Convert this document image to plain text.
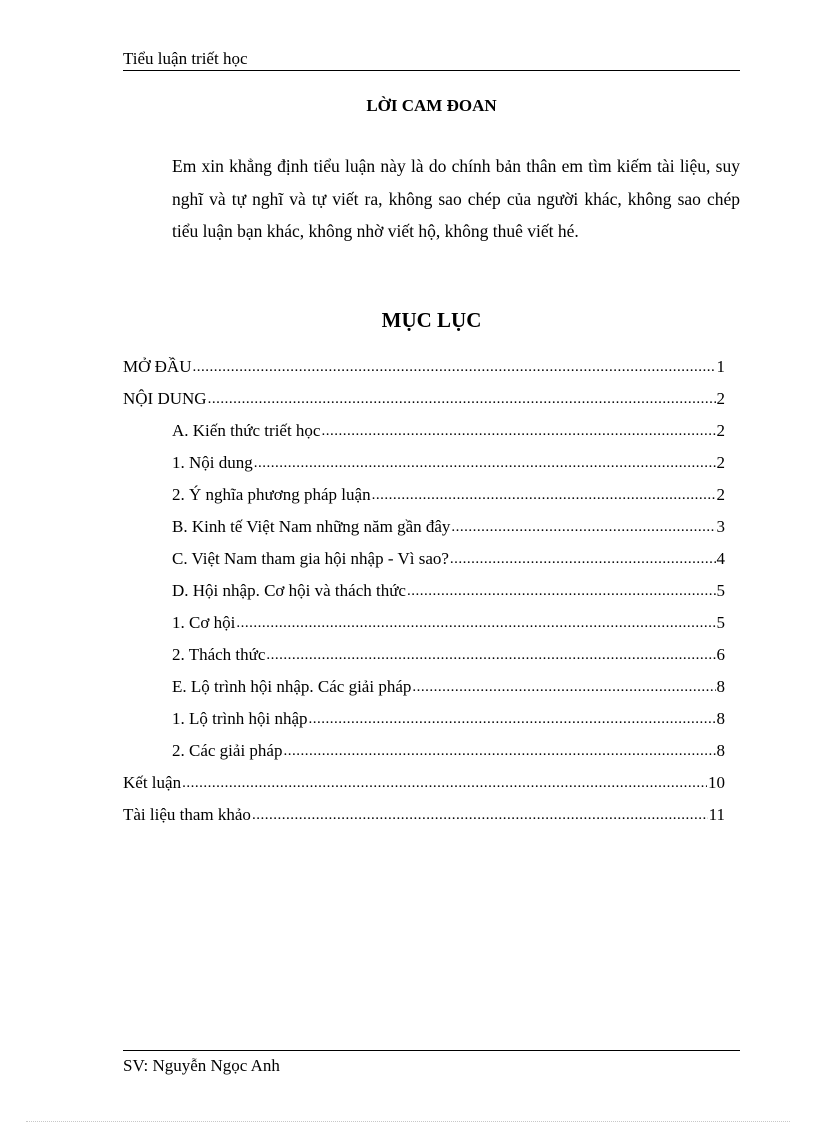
Tiểu luận triết học
LỜI CAM ĐOAN

Em xin khẳng định tiểu luận này là do chính bản thân em tìm kiếm tài liệu, suy nghĩ và tự nghĩ và tự viết ra, không sao chép của người khác, không sao chép tiểu luận bạn khác, không nhờ viết hộ, không thuê viết hé.

MỤC LỤC
MỞ ĐẦU .....	1
NỘI DUNG .....	2
A. Kiến thức triết học .....	2
1. Nội dung .....	2
2. Ý nghĩa phương pháp luận .....	2
B. Kinh tế Việt Nam những năm gần đây .....	3
C. Việt Nam tham gia hội nhập - Vì sao? .....	4
D. Hội nhập. Cơ hội và thách thức .....	5
1. Cơ hội .....	5
2. Thách thức .....	6
E. Lộ trình hội nhập. Các giải pháp .....	8
1. Lộ trình hội nhập .....	8
2. Các giải pháp .....	8
Kết luận .....	10
Tài liệu tham khảo .....	11
SV: Nguyễn Ngọc Anh
